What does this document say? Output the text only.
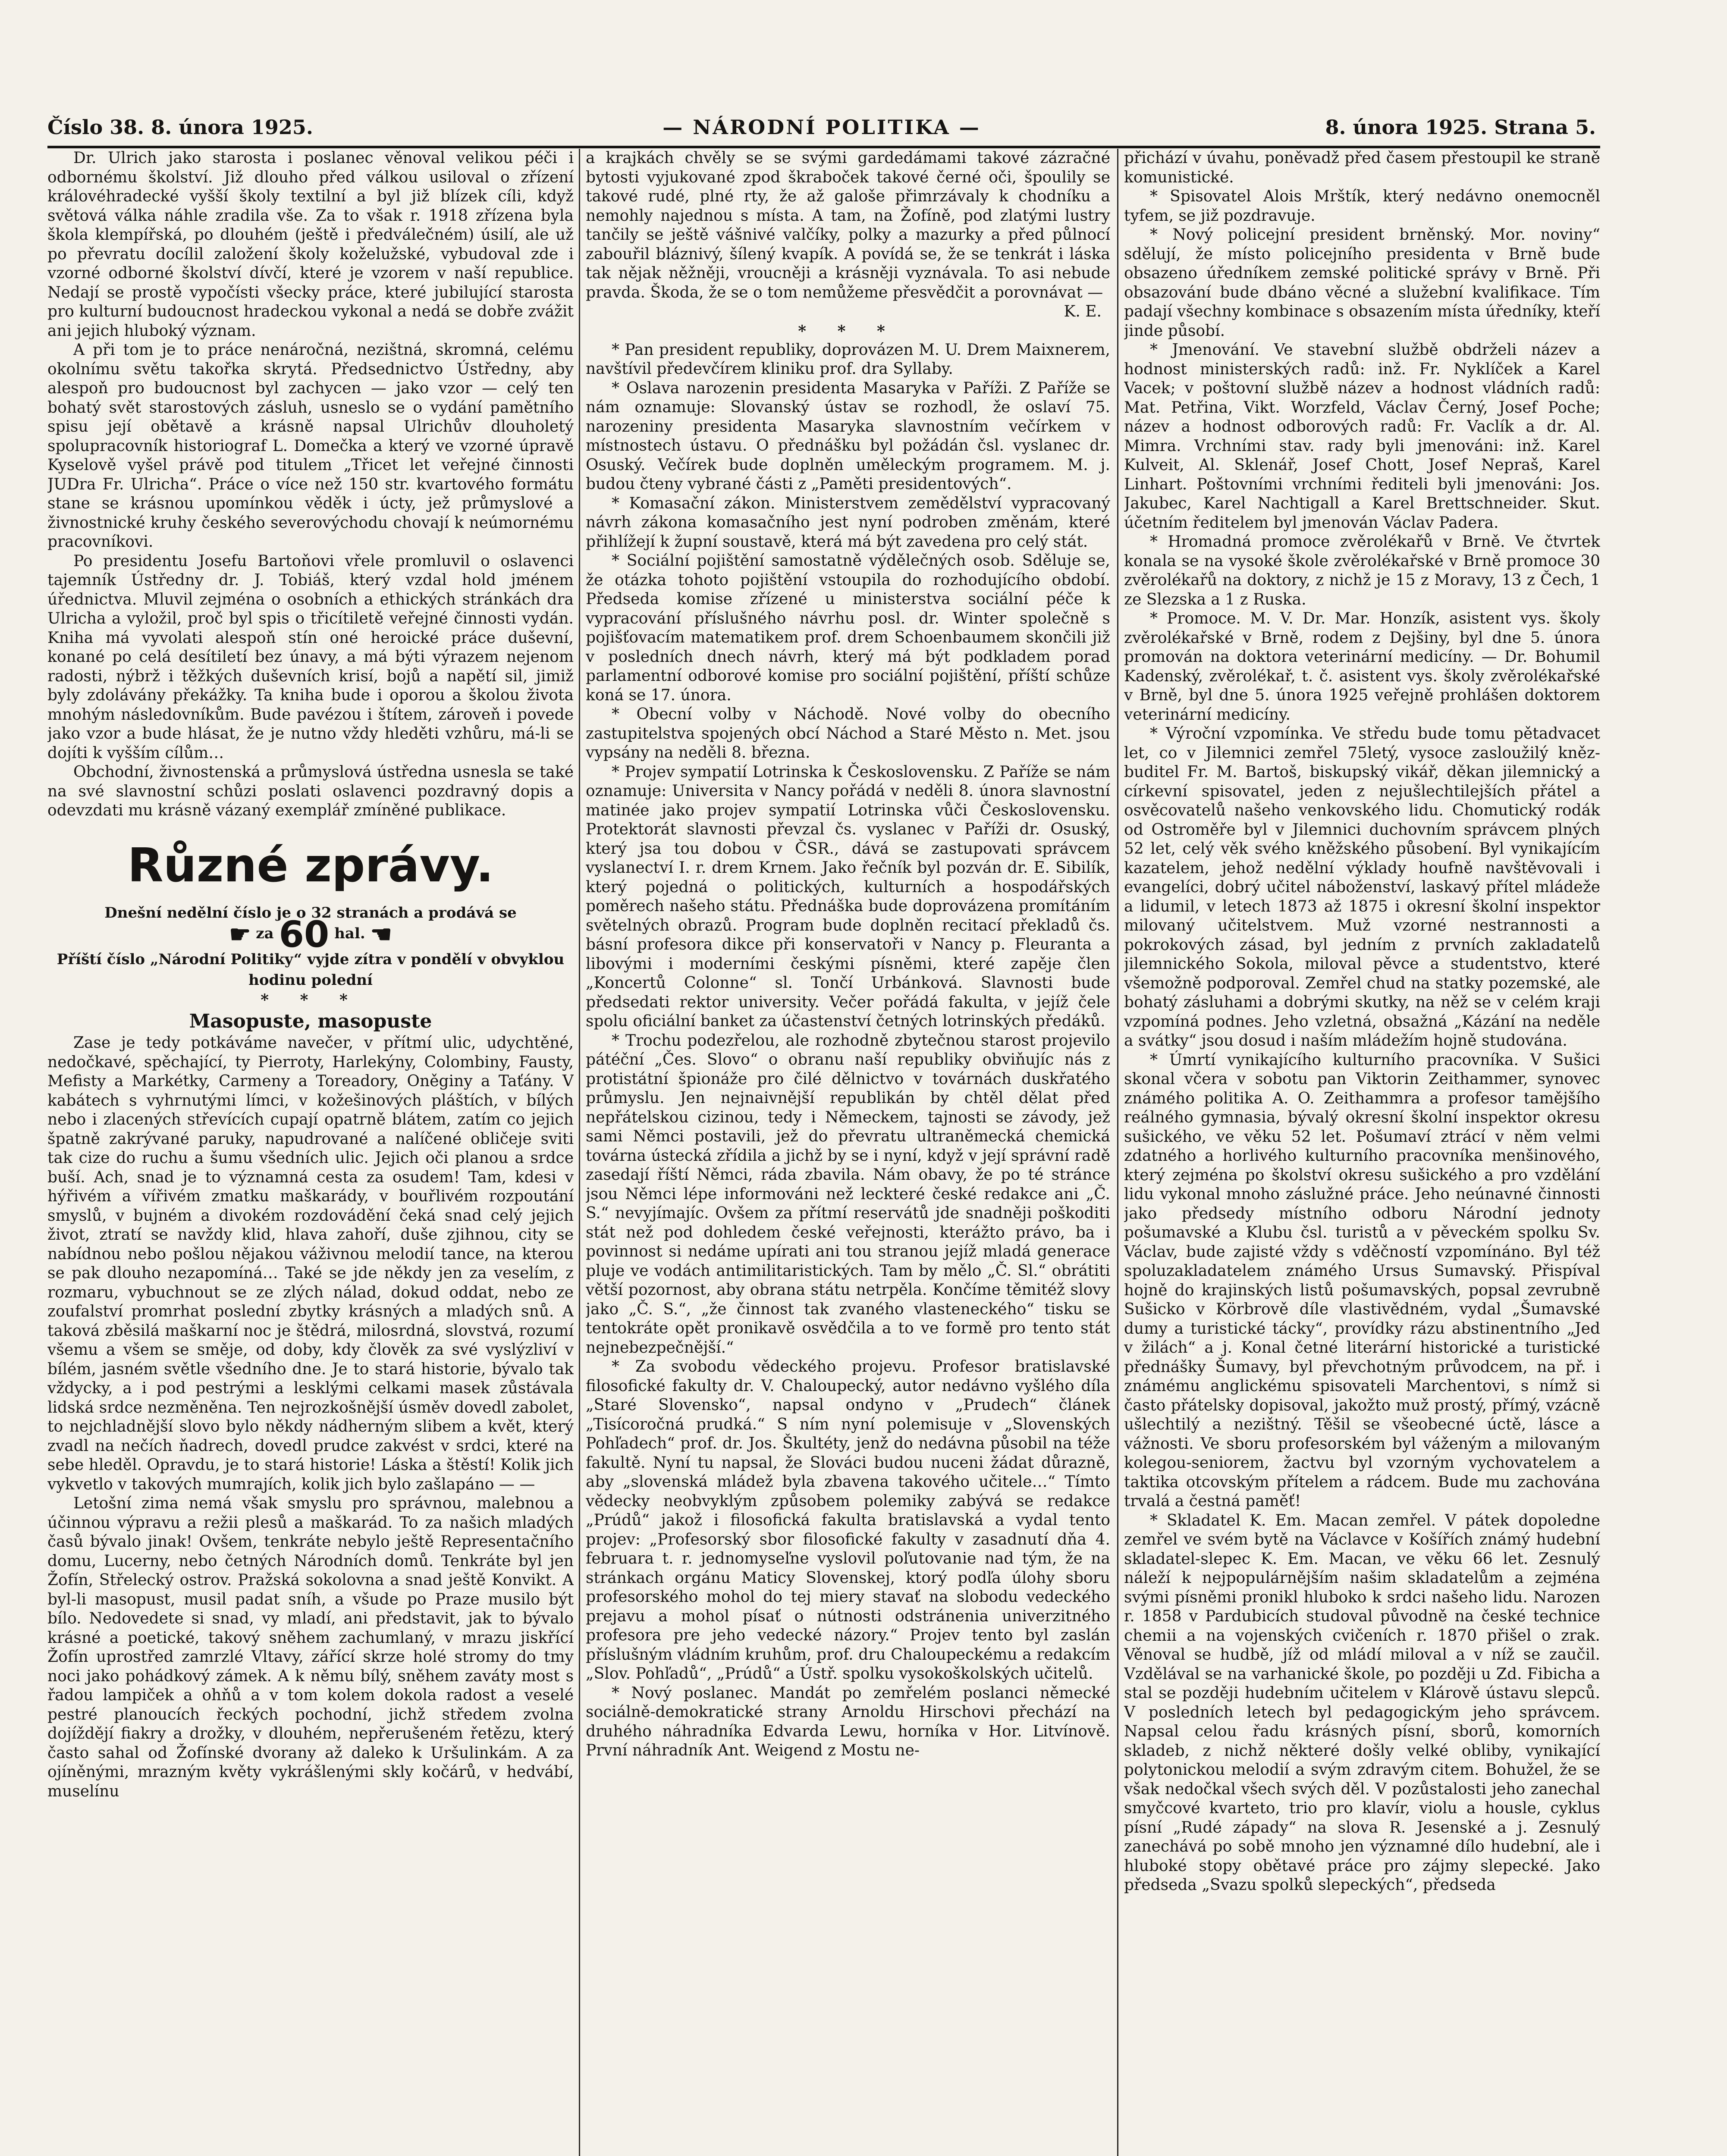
Číslo 38. 8. února 1925.	— NÁRODNÍ POLITIKA —	8. února 1925. Strana 5.

Dr. Ulrich jako starosta i poslanec věnoval velikou péči i odbornému školství. Již dlouho před válkou usiloval o zřízení královéhradecké vyšší školy textilní a byl již blízek cíli, když světová válka náhle zradila vše. Za to však r. 1918 zřízena byla škola klempířská, po dlouhém (ještě i předválečném) úsilí, ale už po převratu docílil založení školy koželužské, vybudoval zde i vzorné odborné školství dívčí, které je vzorem v naší republice. Nedají se prostě vypočísti všecky práce, které jubilující starosta pro kulturní budoucnost hradeckou vykonal a nedá se dobře zvážit ani jejich hluboký význam.

A při tom je to práce nenáročná, nezištná, skromná, celému okolnímu světu takořka skrytá. Předsednictvo Ústředny, aby alespoň pro budoucnost byl zachycen — jako vzor — celý ten bohatý svět starostových zásluh, usneslo se o vydání pamětního spisu její obětavě a krásně napsal Ulrichův dlouholetý spolupracovník historiograf L. Domečka a který ve vzorné úpravě Kyselově vyšel právě pod titulem „Třicet let veřejné činnosti JUDra Fr. Ulricha“. Práce o více než 150 str. kvartového formátu stane se krásnou upomínkou věděk i úcty, jež průmyslové a živnostnické kruhy českého severovýchodu chovají k neúmornému pracovníkovi.

Po presidentu Josefu Bartoňovi vřele promluvil o oslavenci tajemník Ústředny dr. J. Tobiáš, který vzdal hold jménem úřednictva. Mluvil zejména o osobních a ethických stránkách dra Ulricha a vyložil, proč byl spis o třicítiletě veřejné činnosti vydán. Kniha má vyvolati alespoň stín oné heroické práce duševní, konané po celá desítiletí bez únavy, a má býti výrazem nejenom radosti, nýbrž i těžkých duševních krisí, bojů a napětí sil, jimiž byly zdolávány překážky. Ta kniha bude i oporou a školou života mnohým následovníkům. Bude pavézou i štítem, zároveň i povede jako vzor a bude hlásat, že je nutno vždy hleděti vzhůru, má-li se dojíti k vyšším cílům…

Obchodní, živnostenská a průmyslová ústředna usnesla se také na své slavnostní schůzi poslati oslavenci pozdravný dopis a odevzdati mu krásně vázaný exemplář zmíněné publikace.

Různé zprávy.
Dnešní nedělní číslo je o 32 stranách a prodává se
☛ za 60 hal. ☚
Příští číslo „Národní Politiky“ vyjde zítra v pondělí v obvyklou hodinu polední
* * *
Masopuste, masopuste

Zase je tedy potkáváme navečer, v přítmí ulic, udychtěné, nedočkavé, spěchající, ty Pierroty, Harlekýny, Colombiny, Fausty, Mefisty a Markétky, Carmeny a Toreadory, Oněginy a Taťány. V kabátech s vyhrnutými límci, v kožešinových pláštích, v bílých nebo i zlacených střevících cupají opatrně blátem, zatím co jejich špatně zakrývané paruky, napudrované a nalíčené obličeje sviti tak cize do ruchu a šumu všedních ulic. Jejich oči planou a srdce buší. Ach, snad je to významná cesta za osudem! Tam, kdesi v hýřivém a vířivém zmatku maškarády, v bouřlivém rozpoutání smyslů, v bujném a divokém rozdovádění čeká snad celý jejich život, ztratí se navždy klid, hlava zahoří, duše zjihnou, city se nabídnou nebo pošlou nějakou váživnou melodií tance, na kterou se pak dlouho nezapomíná… Také se jde někdy jen za veselím, z rozmaru, vybuchnout se ze zlých nálad, dokud oddat, nebo ze zoufalství promrhat poslední zbytky krásných a mladých snů. A taková zběsilá maškarní noc je štědrá, milosrdná, slovstvá, rozumí všemu a všem se směje, od doby, kdy člověk za své vyslýzliví v bílém, jasném světle všedního dne. Je to stará historie, bývalo tak vždycky, a i pod pestrými a lesklými celkami masek zůstávala lidská srdce nezměněna. Ten nejrozkošnější úsměv dovedl zabolet, to nejchladnější slovo bylo někdy nádherným slibem a květ, který zvadl na nečích ňadrech, dovedl prudce zakvést v srdci, které na sebe hleděl. Opravdu, je to stará historie! Láska a štěstí! Kolik jich vykvetlo v takových mumrajích, kolik jich bylo zašlapáno — —

Letošní zima nemá však smyslu pro správnou, malebnou a účinnou výpravu a režii plesů a maškarád. To za našich mladých časů bývalo jinak! Ovšem, tenkráte nebylo ještě Representačního domu, Lucerny, nebo četných Národních domů. Tenkráte byl jen Žofín, Střelecký ostrov. Pražská sokolovna a snad ještě Konvikt. A byl-li masopust, musil padat sníh, a všude po Praze musilo být bílo. Nedovedete si snad, vy mladí, ani představit, jak to bývalo krásné a poetické, takový sněhem zachumlaný, v mrazu jiskřící Žofín uprostřed zamrzlé Vltavy, zářící skrze holé stromy do tmy noci jako pohádkový zámek. A k němu bílý, sněhem zaváty most s řadou lampiček a ohňů a v tom kolem dokola radost a veselé pestré planoucích řeckých pochodní, jichž středem zvolna dojíždějí fiakry a drožky, v dlouhém, nepřerušeném řetězu, který často sahal od Žofínské dvorany až daleko k Uršulinkám. A za ojíněnými, mrazným květy vykrášlenými skly kočárů, v hedvábí, muselínu

a krajkách chvěly se se svými gardedámami takové zázračné bytosti vyjukované zpod škraboček takové černé oči, špoulily se takové rudé, plné rty, že až galoše přimrzávaly k chodníku a nemohly najednou s místa. A tam, na Žofíně, pod zlatými lustry tančily se ještě vášnivé valčíky, polky a mazurky a před půlnocí zabouřil bláznivý, šílený kvapík. A povídá se, že se tenkrát i láska tak nějak něžněji, vroucněji a krásněji vyznávala. To asi nebude pravda. Škoda, že se o tom nemůžeme přesvědčit a porovnávat —

K. E.
* * *

* Pan president republiky, doprovázen M. U. Drem Maixnerem, navštívil předevčírem kliniku prof. dra Syllaby.

* Oslava narozenin presidenta Masaryka v Paříži. Z Paříže se nám oznamuje: Slovanský ústav se rozhodl, že oslaví 75. narozeniny presidenta Masaryka slavnostním večírkem v místnostech ústavu. O přednášku byl požádán čsl. vyslanec dr. Osuský. Večírek bude doplněn uměleckým programem. M. j. budou čteny vybrané části z „Paměti presidentových“.

* Komasační zákon. Ministerstvem zemědělství vypracovaný návrh zákona komasačního jest nyní podroben změnám, které přihlížejí k župní soustavě, která má být zavedena pro celý stát.

* Sociální pojištění samostatně výdělečných osob. Sděluje se, že otázka tohoto pojištění vstoupila do rozhodujícího období. Předseda komise zřízené u ministerstva sociální péče k vypracování příslušného návrhu posl. dr. Winter společně s pojišťovacím matematikem prof. drem Schoenbaumem skončili již v posledních dnech návrh, který má být podkladem porad parlamentní odborové komise pro sociální pojištění, příští schůze koná se 17. února.

* Obecní volby v Náchodě. Nové volby do obecního zastupitelstva spojených obcí Náchod a Staré Město n. Met. jsou vypsány na neděli 8. března.

* Projev sympatií Lotrinska k Československu. Z Paříže se nám oznamuje: Universita v Nancy pořádá v neděli 8. února slavnostní matinée jako projev sympatií Lotrinska vůči Československu. Protektorát slavnosti převzal čs. vyslanec v Paříži dr. Osuský, který jsa tou dobou v ČSR., dává se zastupovati správcem vyslanectví I. r. drem Krnem. Jako řečník byl pozván dr. E. Sibilík, který pojedná o politických, kulturních a hospodářských poměrech našeho státu. Přednáška bude doprovázena promítáním světelných obrazů. Program bude doplněn recitací překladů čs. básní profesora dikce při konservatoři v Nancy p. Fleuranta a libovými i moderními českými písněmi, které zapěje člen „Koncertů Colonne“ sl. Tončí Urbánková. Slavnosti bude předsedati rektor university. Večer pořádá fakulta, v jejíž čele spolu oficiální banket za účastenství četných lotrinských předáků.

* Trochu podezřelou, ale rozhodně zbytečnou starost projevilo pátéční „Čes. Slovo“ o obranu naší republiky obviňujíc nás z protistátní špionáže pro čilé dělnictvo v továrnách duskřatého průmyslu. Jen nejnaivnější republikán by chtěl dělat před nepřátelskou cizinou, tedy i Německem, tajnosti se závody, jež sami Němci postavili, jež do převratu ultraněmecká chemická továrna ústecká zřídila a jichž by se i nyní, když v její správní radě zasedají říští Němci, ráda zbavila. Nám obavy, že po té stránce jsou Němci lépe informováni než leckteré české redakce ani „Č. S.“ nevyjímajíc. Ovšem za přítmí reservátů jde snadněji poškoditi stát než pod dohledem české veřejnosti, kterážto právo, ba i povinnost si nedáme upírati ani tou stranou jejíž mladá generace pluje ve vodách antimilitaristických. Tam by mělo „Č. Sl.“ obrátiti větší pozornost, aby obrana státu netrpěla. Končíme těmitéž slovy jako „Č. S.“, „že činnost tak zvaného vlasteneckého“ tisku se tentokráte opět pronikavě osvědčila a to ve formě pro tento stát nejnebezpečnější.“

* Za svobodu vědeckého projevu. Profesor bratislavské filosofické fakulty dr. V. Chaloupecký, autor nedávno vyšlého díla „Staré Slovensko“, napsal ondyno v „Prudech“ článek „Tisícoročná prudká.“ S ním nyní polemisuje v „Slovenských Pohľadech“ prof. dr. Jos. Škultéty, jenž do nedávna působil na téže fakultě. Nyní tu napsal, že Slováci budou nuceni žádat důrazně, aby „slovenská mládež byla zbavena takového učitele…“ Tímto vědecky neobvyklým způsobem polemiky zabývá se redakce „Prúdů“ jakož i filosofická fakulta bratislavská a vydal tento projev: „Profesorský sbor filosofické fakulty v zasadnutí dňa 4. februara t. r. jednomyseľne vyslovil poľutovanie nad tým, že na stránkach orgánu Maticy Slovenskej, ktorý podľa úlohy sboru profesorského mohol do tej miery stavať na slobodu vedeckého prejavu a mohol písať o nútnosti odstránenia univerzitného profesora pre jeho vedecké názory.“ Projev tento byl zaslán příslušným vládním kruhům, prof. dru Chaloupeckému a redakcím „Slov. Pohľadů“, „Prúdů“ a Ústř. spolku vysokoškolských učitelů.

* Nový poslanec. Mandát po zemřelém poslanci německé sociálně-demokratické strany Arnoldu Hirschovi přechází na druhého náhradníka Edvarda Lewu, horníka v Hor. Litvínově. První náhradník Ant. Weigend z Mostu ne-

přichází v úvahu, poněvadž před časem přestoupil ke straně komunistické.

* Spisovatel Alois Mrštík, který nedávno onemocněl tyfem, se již pozdravuje.

* Nový policejní president brněnský. Mor. noviny“ sdělují, že místo policejního presidenta v Brně bude obsazeno úředníkem zemské politické správy v Brně. Při obsazování bude dbáno věcné a služební kvalifikace. Tím padají všechny kombinace s obsazením místa úředníky, kteří jinde působí.

* Jmenování. Ve stavební službě obdrželi název a hodnost ministerských radů: inž. Fr. Nyklíček a Karel Vacek; v poštovní službě název a hodnost vládních radů: Mat. Petřina, Vikt. Worzfeld, Václav Černý, Josef Poche; název a hodnost odborových radů: Fr. Vaclík a dr. Al. Mimra. Vrchními stav. rady byli jmenováni: inž. Karel Kulveit, Al. Sklenář, Josef Chott, Josef Nepraš, Karel Linhart. Poštovními vrchními řediteli byli jmenováni: Jos. Jakubec, Karel Nachtigall a Karel Brettschneider. Skut. účetním ředitelem byl jmenován Václav Padera.

* Hromadná promoce zvěrolékařů v Brně. Ve čtvrtek konala se na vysoké škole zvěrolékařské v Brně promoce 30 zvěrolékařů na doktory, z nichž je 15 z Moravy, 13 z Čech, 1 ze Slezska a 1 z Ruska.

* Promoce. M. V. Dr. Mar. Honzík, asistent vys. školy zvěrolékařské v Brně, rodem z Dejšiny, byl dne 5. února promován na doktora veterinární medicíny. — Dr. Bohumil Kadenský, zvěrolékař, t. č. asistent vys. školy zvěrolékařské v Brně, byl dne 5. února 1925 veřejně prohlášen doktorem veterinární medicíny.

* Výroční vzpomínka. Ve středu bude tomu pětadvacet let, co v Jilemnici zemřel 75letý, vysoce zasloužilý kněz-buditel Fr. M. Bartoš, biskupský vikář, děkan jilemnický a církevní spisovatel, jeden z nejušlechtilejších přátel a osvěcovatelů našeho venkovského lidu. Chomutický rodák od Ostroměře byl v Jilemnici duchovním správcem plných 52 let, celý věk svého kněžského působení. Byl vynikajícím kazatelem, jehož nedělní výklady houfně navštěvovali i evangelíci, dobrý učitel náboženství, laskavý přítel mládeže a lidumil, v letech 1873 až 1875 i okresní školní inspektor milovaný učitelstvem. Muž vzorné nestrannosti a pokrokových zásad, byl jedním z prvních zakladatelů jilemnického Sokola, miloval pěvce a studentstvo, které všemožně podporoval. Zemřel chud na statky pozemské, ale bohatý zásluhami a dobrými skutky, na něž se v celém kraji vzpomíná podnes. Jeho vzletná, obsažná „Kázání na neděle a svátky“ jsou dosud i naším mládežím hojně studována.

* Úmrtí vynikajícího kulturního pracovníka. V Sušici skonal včera v sobotu pan Viktorin Zeithammer, synovec známého politika A. O. Zeithammra a profesor tamějšího reálného gymnasia, bývalý okresní školní inspektor okresu sušického, ve věku 52 let. Pošumaví ztrácí v něm velmi zdatného a horlivého kulturního pracovníka menšinového, který zejména po školství okresu sušického a pro vzdělání lidu vykonal mnoho záslužné práce. Jeho neúnavné činnosti jako předsedy místního odboru Národní jednoty pošumavské a Klubu čsl. turistů a v pěveckém spolku Sv. Václav, bude zajisté vždy s vděčností vzpomínáno. Byl též spoluzakladatelem známého Ursus Sumavský. Přispíval hojně do krajinských listů pošumavských, popsal zevrubně Sušicko v Körbrově díle vlastivědném, vydal „Šumavské dumy a turistické tácky“, provídky rázu abstinentního „Jed v žilách“ a j. Konal četné literární historické a turistické přednášky Šumavy, byl převchotným průvodcem, na př. i známému anglickému spisovateli Marchentovi, s nímž si často přátelsky dopisoval, jakožto muž prostý, přímý, vzácně ušlechtilý a nezištný. Těšil se všeobecné úctě, lásce a vážnosti. Ve sboru profesorském byl váženým a milovaným kolegou-seniorem, žactvu byl vzorným vychovatelem a taktika otcovským přítelem a rádcem. Bude mu zachována trvalá a čestná paměť!

* Skladatel K. Em. Macan zemřel. V pátek dopoledne zemřel ve svém bytě na Václavce v Košířích známý hudební skladatel-slepec K. Em. Macan, ve věku 66 let. Zesnulý náleží k nejpopulárnějším našim skladatelům a zejména svými písněmi pronikl hluboko k srdci našeho lidu. Narozen r. 1858 v Pardubicích studoval původně na české technice chemii a na vojenských cvičeních r. 1870 přišel o zrak. Věnoval se hudbě, jíž od mládí miloval a v níž se zaučil. Vzdělával se na varhanické škole, po později u Zd. Fibicha a stal se později hudebním učitelem v Klárově ústavu slepců. V posledních letech byl pedagogickým jeho správcem. Napsal celou řadu krásných písní, sborů, komorních skladeb, z nichž některé došly velké obliby, vynikající polytonickou melodií a svým zdravým citem. Bohužel, že se však nedočkal všech svých děl. V pozůstalosti jeho zanechal smyčcové kvarteto, trio pro klavír, violu a housle, cyklus písní „Rudé západy“ na slova R. Jesenské a j. Zesnulý zanechává po sobě mnoho jen významné dílo hudební, ale i hluboké stopy obětavé práce pro zájmy slepecké. Jako předseda „Svazu spolků slepeckých“, předseda
